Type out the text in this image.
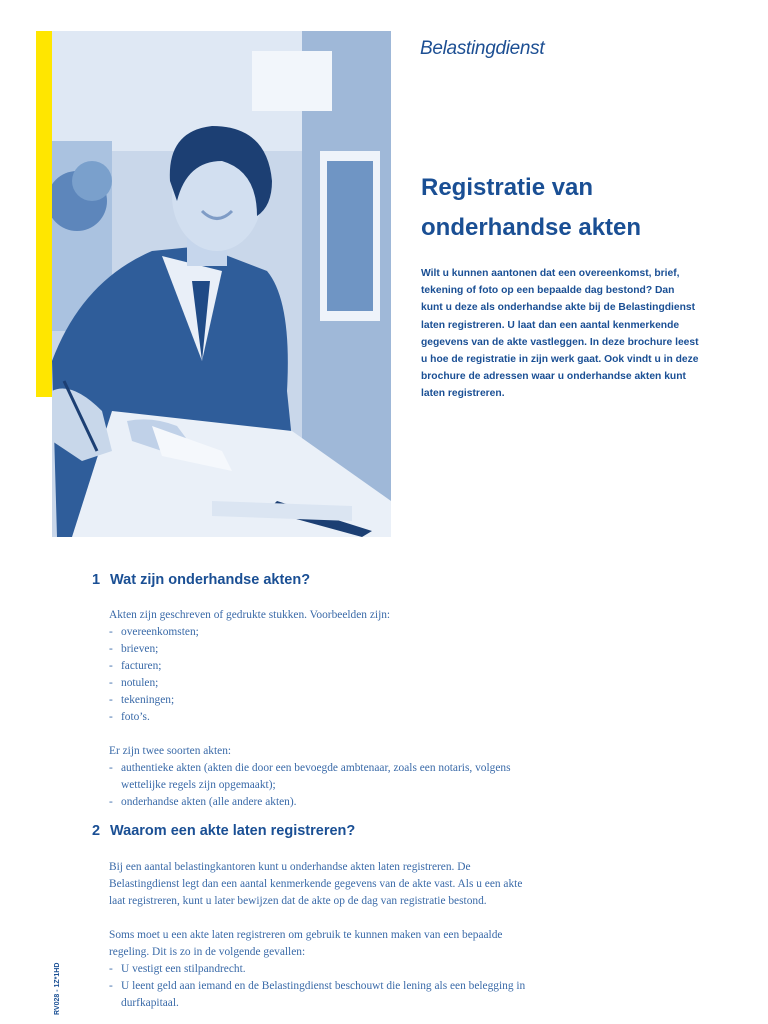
Belastingdienst
Registratie van
onderhandse akten
Wilt u kunnen aantonen dat een overeenkomst, brief,
tekening of foto op een bepaalde dag bestond? Dan
kunt u deze als onderhandse akte bij de Belastingdienst
laten registreren. U laat dan een aantal kenmerkende
gegevens van de akte vastleggen. In deze brochure leest
u hoe de registratie in zijn werk gaat. Ook vindt u in deze
brochure de adressen waar u onderhandse akten kunt
laten registreren.
1 Wat zijn onderhandse akten?
Akten zijn geschreven of gedrukte stukken. Voorbeelden zijn:
- overeenkomsten;
- brieven;
- facturen;
- notulen;
- tekeningen;
- foto’s.
Er zijn twee soorten akten:
- authentieke akten (akten die door een bevoegde ambtenaar, zoals een notaris, volgens
wettelijke regels zijn opgemaakt);
- onderhandse akten (alle andere akten).
2 Waarom een akte laten registreren?
Bij een aantal belastingkantoren kunt u onderhandse akten laten registreren. De
Belastingdienst legt dan een aantal kenmerkende gegevens van de akte vast. Als u een akte
laat registreren, kunt u later bewijzen dat de akte op de dag van registratie bestond.
Soms moet u een akte laten registreren om gebruik te kunnen maken van een bepaalde
regeling. Dit is zo in de volgende gevallen:
- U vestigt een stilpandrecht.
- U leent geld aan iemand en de Belastingdienst beschouwt die lening als een belegging in
durfkapitaal.
RV028 - 1Z*1HD
